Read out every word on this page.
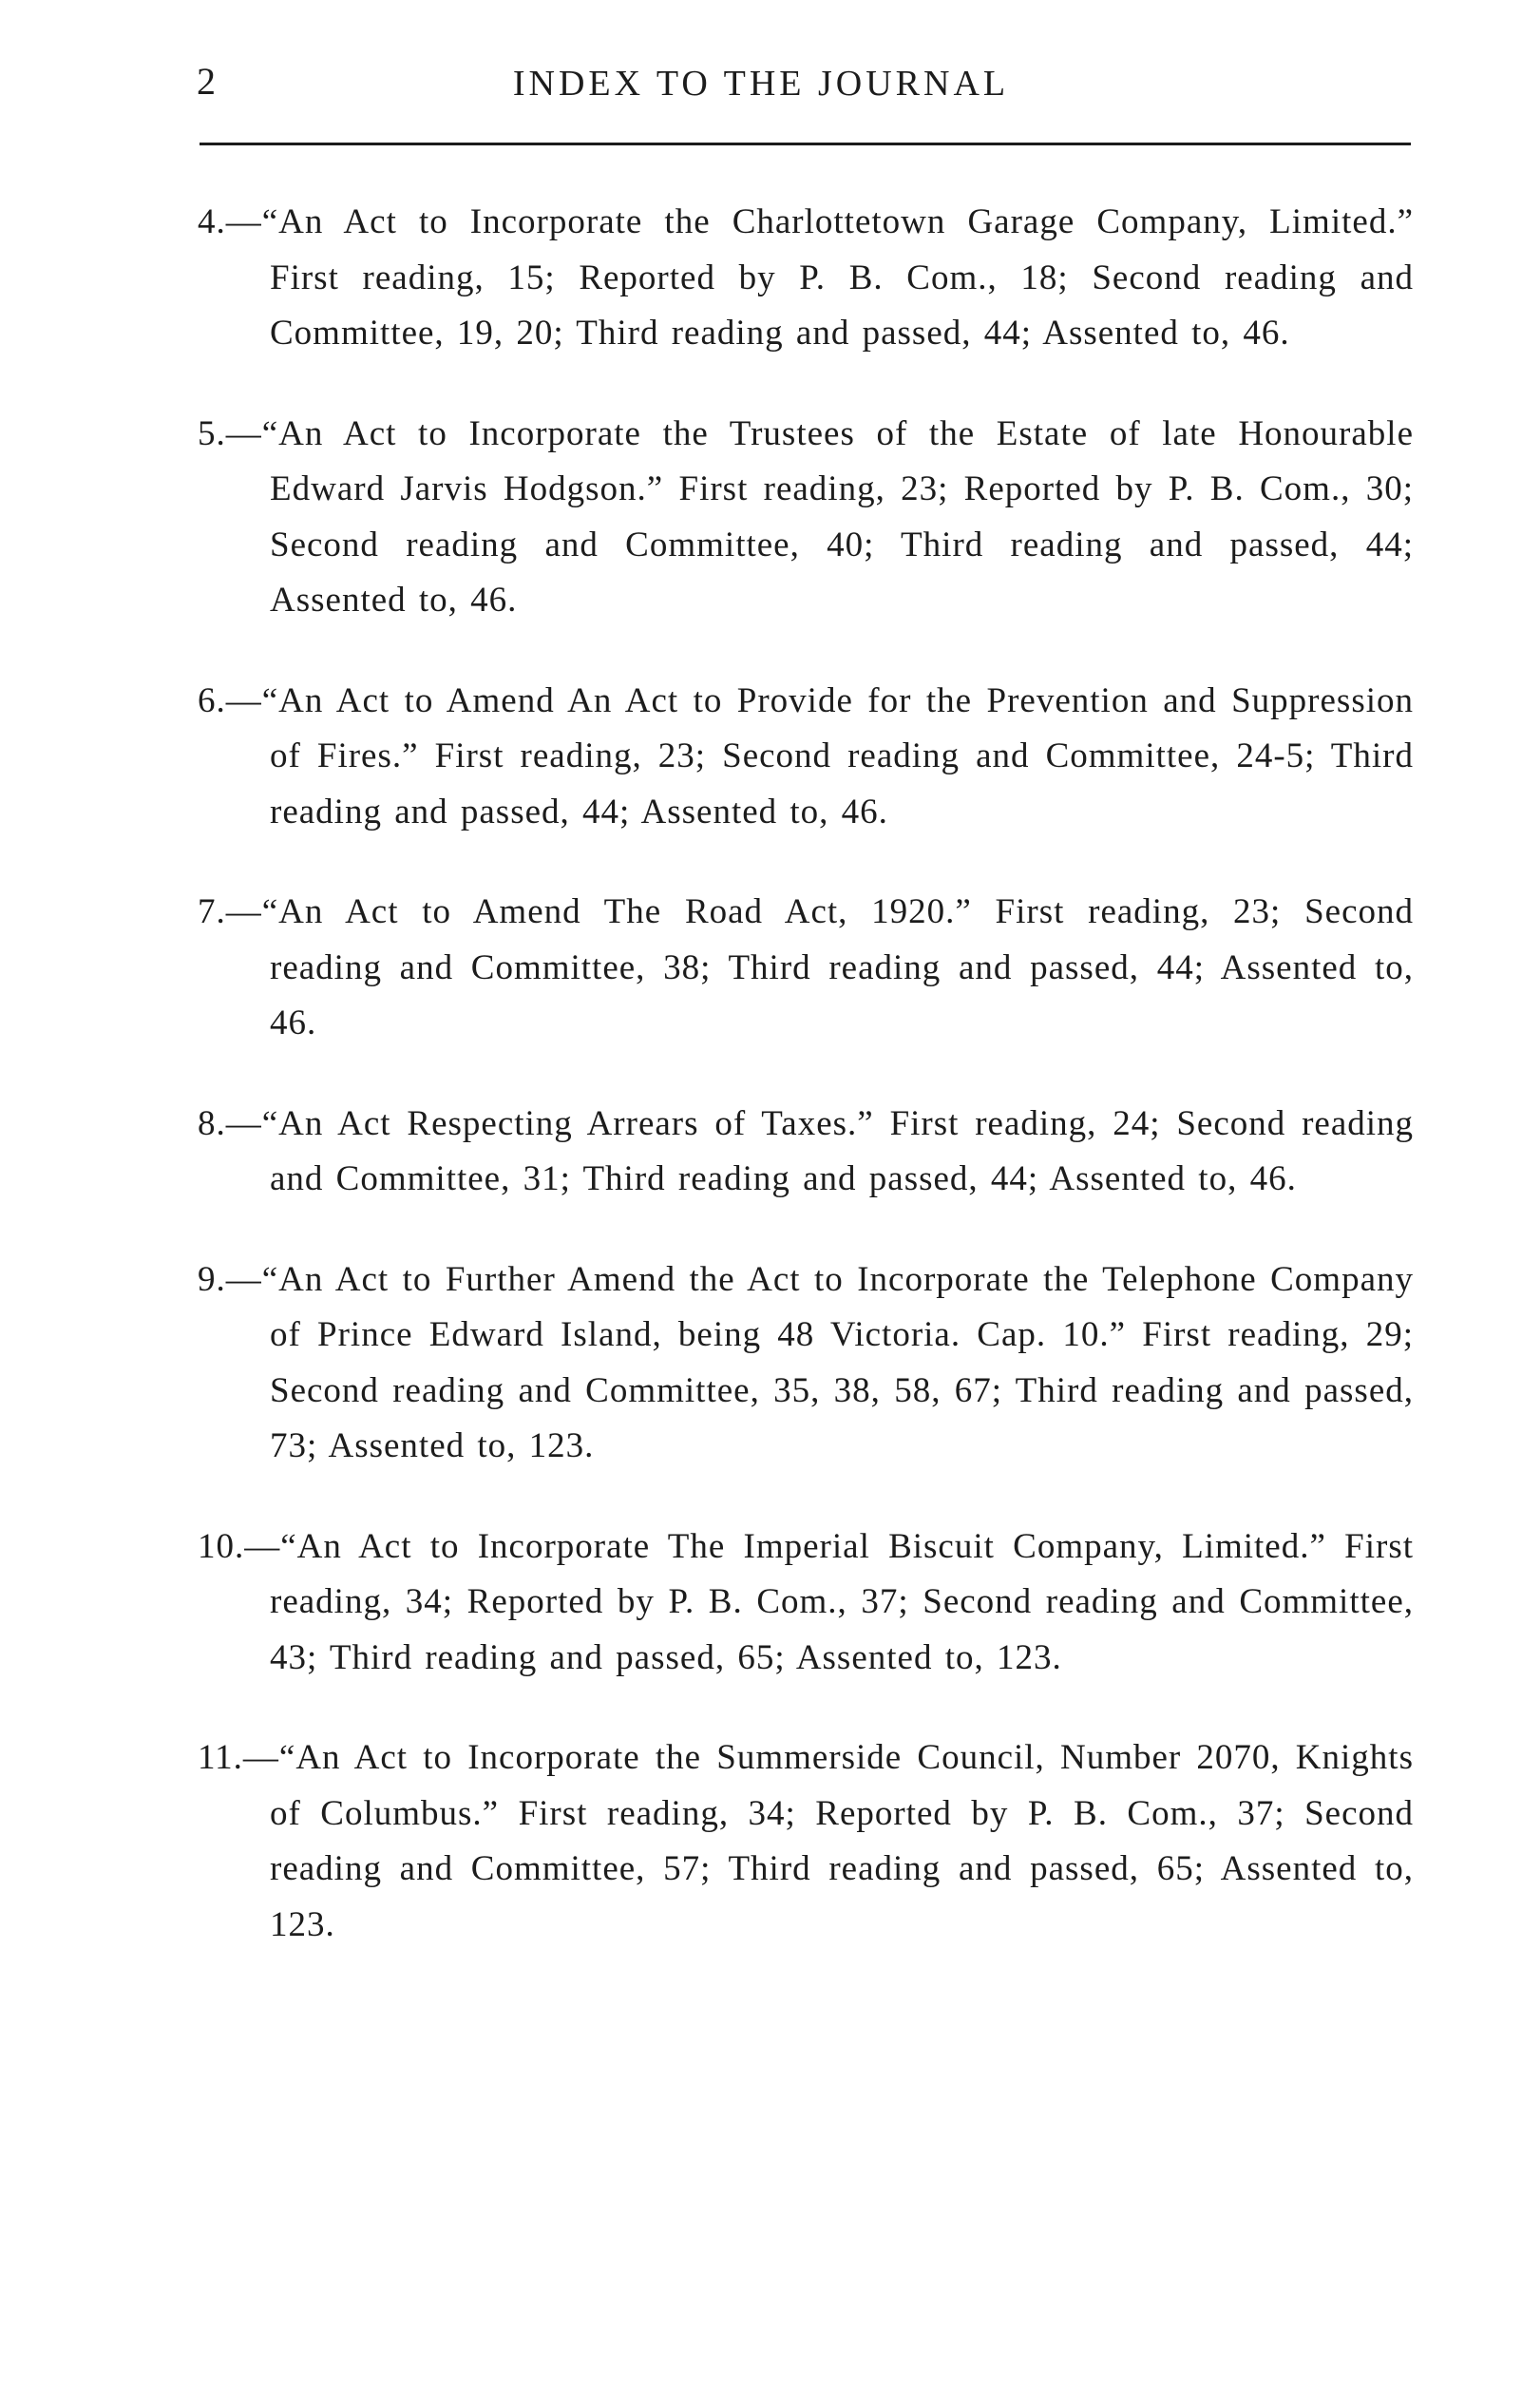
2	INDEX TO THE JOURNAL
4.—“An Act to Incorporate the Charlottetown Garage Company, Limited.” First reading, 15; Reported by P. B. Com., 18; Second reading and Committee, 19, 20; Third reading and passed, 44; Assented to, 46.
5.—“An Act to Incorporate the Trustees of the Estate of late Honourable Edward Jarvis Hodgson.” First reading, 23; Reported by P. B. Com., 30; Second reading and Committee, 40; Third reading and passed, 44; Assented to, 46.
6.—“An Act to Amend An Act to Provide for the Prevention and Suppression of Fires.” First reading, 23; Second reading and Committee, 24-5; Third reading and passed, 44; Assented to, 46.
7.—“An Act to Amend The Road Act, 1920.” First reading, 23; Second reading and Committee, 38; Third reading and passed, 44; Assented to, 46.
8.—“An Act Respecting Arrears of Taxes.” First reading, 24; Second reading and Committee, 31; Third reading and passed, 44; Assented to, 46.
9.—“An Act to Further Amend the Act to Incorporate the Telephone Company of Prince Edward Island, being 48 Victoria. Cap. 10.” First reading, 29; Second reading and Committee, 35, 38, 58, 67; Third reading and passed, 73; Assented to, 123.
10.—“An Act to Incorporate The Imperial Biscuit Company, Limited.” First reading, 34; Reported by P. B. Com., 37; Second reading and Committee, 43; Third reading and passed, 65; Assented to, 123.
11.—“An Act to Incorporate the Summerside Council, Number 2070, Knights of Columbus.” First reading, 34; Reported by P. B. Com., 37; Second reading and Committee, 57; Third reading and passed, 65; Assented to, 123.
